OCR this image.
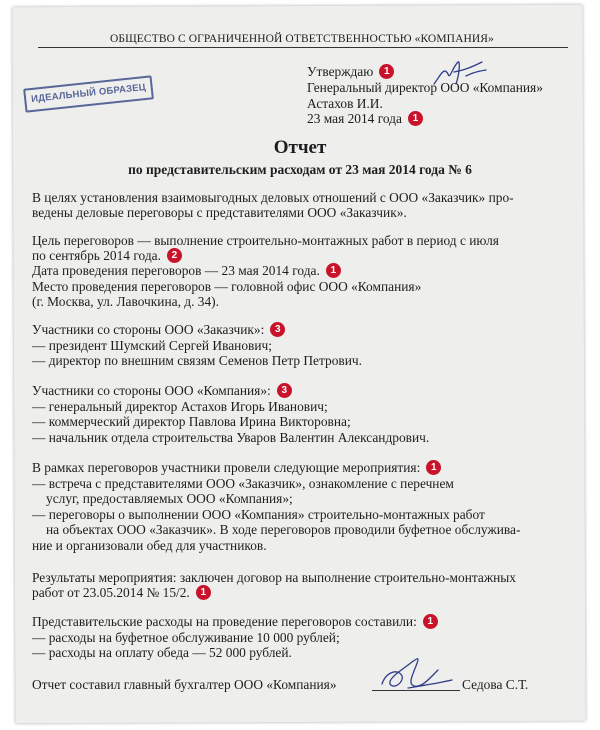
ОБЩЕСТВО С ОГРАНИЧЕННОЙ ОТВЕТСТВЕННОСТЬЮ «КОМПАНИЯ»
ИДЕАЛЬНЫЙ ОБРАЗЕЦ
Утверждаю 1
Генеральный директор ООО «Компания»
Астахов И.И.
23 мая 2014 года 1
Отчет
по представительским расходам от 23 мая 2014 года № 6
В целях установления взаимовыгодных деловых отношений с ООО «Заказчик» про-
ведены деловые переговоры с представителями ООО «Заказчик».
Цель переговоров — выполнение строительно-монтажных работ в период с июля
по сентябрь 2014 года. 2
Дата проведения переговоров — 23 мая 2014 года. 1
Место проведения переговоров — головной офис ООО «Компания»
(г. Москва, ул. Лавочкина, д. 34).
Участники со стороны ООО «Заказчик»: 3
— президент Шумский Сергей Иванович;
— директор по внешним связям Семенов Петр Петрович.
Участники со стороны ООО «Компания»: 3
— генеральный директор Астахов Игорь Иванович;
— коммерческий директор Павлова Ирина Викторовна;
— начальник отдела строительства Уваров Валентин Александрович.
В рамках переговоров участники провели следующие мероприятия: 1
— встреча с представителями ООО «Заказчик», ознакомление с перечнем
услуг, предоставляемых ООО «Компания»;
— переговоры о выполнении ООО «Компания» строительно-монтажных работ
на объектах ООО «Заказчик». В ходе переговоров проводили буфетное обслужива-
ние и организовали обед для участников.
Результаты мероприятия: заключен договор на выполнение строительно-монтажных
работ от 23.05.2014 № 15/2. 1
Представительские расходы на проведение переговоров составили: 1
— расходы на буфетное обслуживание 10 000 рублей;
— расходы на оплату обеда — 52 000 рублей.
Отчет составил главный бухгалтер ООО «Компания»	Седова С.Т.
